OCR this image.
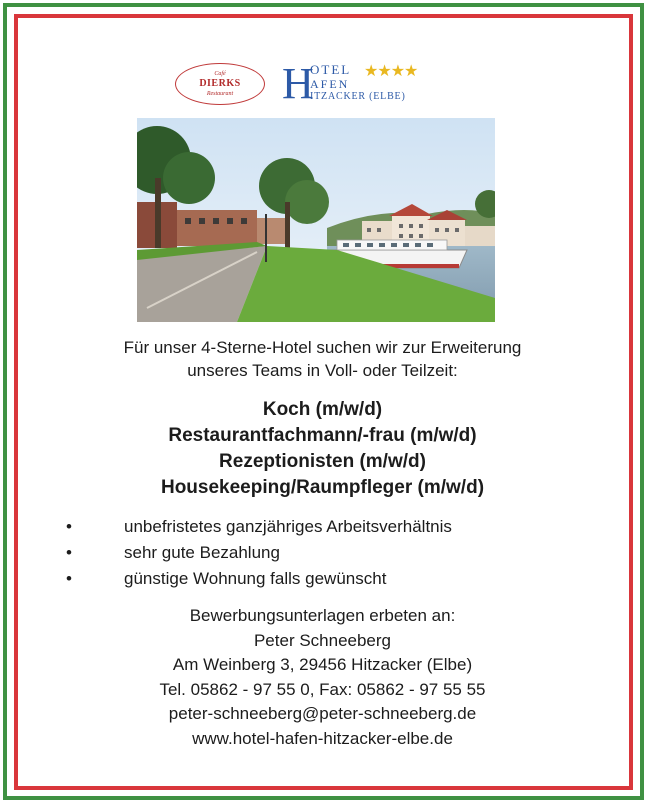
Café
DIERKS
Restaurant H
OTEL ★★★★
AFEN
ITZACKER (ELBE)
Für unser 4-Sterne-Hotel suchen wir zur Erweiterung
unseres Teams in Voll- oder Teilzeit:
Koch (m/w/d)
Restaurantfachmann/-frau (m/w/d)
Rezeptionisten (m/w/d)
Housekeeping/Raumpfleger (m/w/d)
•	unbefristetes ganzjähriges Arbeitsverhältnis
•	sehr gute Bezahlung
•	günstige Wohnung falls gewünscht
Bewerbungsunterlagen erbeten an:
Peter Schneeberg
Am Weinberg 3, 29456 Hitzacker (Elbe)
Tel. 05862 - 97 55 0, Fax: 05862 - 97 55 55
peter-schneeberg@peter-schneeberg.de
www.hotel-hafen-hitzacker-elbe.de
